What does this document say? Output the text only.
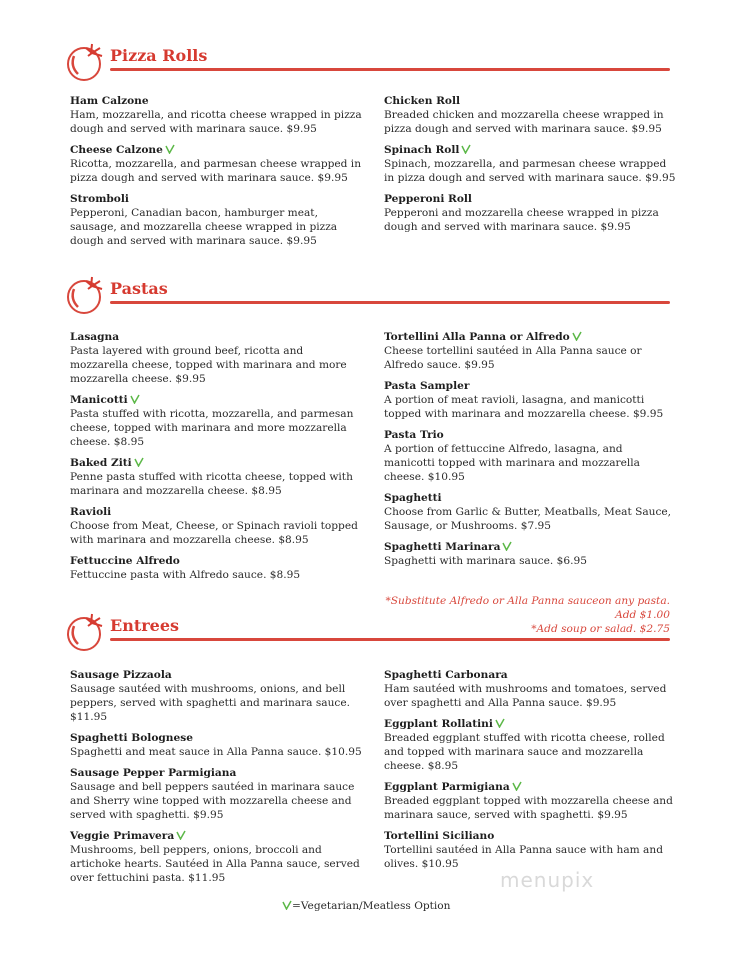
Pizza Rolls
Ham Calzone
Ham, mozzarella, and ricotta cheese wrapped in pizza dough and served with marinara sauce. $9.95
Cheese Calzone
Ricotta, mozzarella, and parmesan cheese wrapped in pizza dough and served with marinara sauce. $9.95
Stromboli
Pepperoni, Canadian bacon, hamburger meat, sausage, and mozzarella cheese wrapped in pizza dough and served with marinara sauce. $9.95
Chicken Roll
Breaded chicken and mozzarella cheese wrapped in pizza dough and served with marinara sauce. $9.95
Spinach Roll
Spinach, mozzarella, and parmesan cheese wrapped in pizza dough and served with marinara sauce. $9.95
Pepperoni Roll
Pepperoni and mozzarella cheese wrapped in pizza dough and served with marinara sauce. $9.95
Pastas
Lasagna
Pasta layered with ground beef, ricotta and mozzarella cheese, topped with marinara and more mozzarella cheese. $9.95
Manicotti
Pasta stuffed with ricotta, mozzarella, and parmesan cheese, topped with marinara and more mozzarella cheese. $8.95
Baked Ziti
Penne pasta stuffed with ricotta cheese, topped with marinara and mozzarella cheese. $8.95
Ravioli
Choose from Meat, Cheese, or Spinach ravioli topped with marinara and mozzarella cheese. $8.95
Fettuccine Alfredo
Fettuccine pasta with Alfredo sauce. $8.95
Tortellini Alla Panna or Alfredo
Cheese tortellini sautéed in Alla Panna sauce or Alfredo sauce. $9.95
Pasta Sampler
A portion of meat ravioli, lasagna, and manicotti topped with marinara and mozzarella cheese. $9.95
Pasta Trio
A portion of fettuccine Alfredo, lasagna, and manicotti topped with marinara and mozzarella cheese. $10.95
Spaghetti
Choose from Garlic & Butter, Meatballs, Meat Sauce, Sausage, or Mushrooms. $7.95
Spaghetti Marinara
Spaghetti with marinara sauce. $6.95
Entrees
Sausage Pizzaola
Sausage sautéed with mushrooms, onions, and bell peppers, served with spaghetti and marinara sauce. $11.95
Spaghetti Bolognese
Spaghetti and meat sauce in Alla Panna sauce. $10.95
Sausage Pepper Parmigiana
Sausage and bell peppers sautéed in marinara sauce and Sherry wine topped with mozzarella cheese and served with spaghetti. $9.95
Veggie Primavera
Mushrooms, bell peppers, onions, broccoli and artichoke hearts. Sautéed in Alla Panna sauce, served over fettuchini pasta. $11.95
Spaghetti Carbonara
Ham sautéed with mushrooms and tomatoes, served over spaghetti and Alla Panna sauce. $9.95
Eggplant Rollatini
Breaded eggplant stuffed with ricotta cheese, rolled and topped with marinara sauce and mozzarella cheese. $8.95
Eggplant Parmigiana
Breaded eggplant topped with mozzarella cheese and marinara sauce, served with spaghetti. $9.95
Tortellini Siciliano
Tortellini sautéed in Alla Panna sauce with ham and olives. $10.95
*Substitute Alfredo or Alla Panna sauceon any pasta. Add $1.00
*Add soup or salad. $2.75
=Vegetarian/Meatless Option
menupix
